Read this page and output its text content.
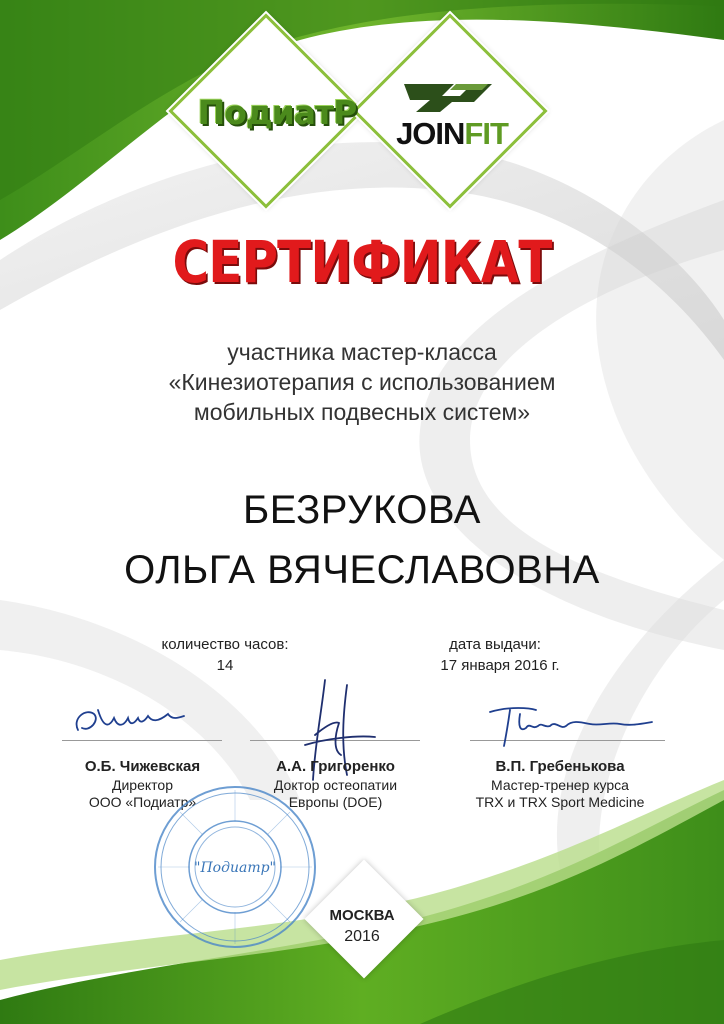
ПодиатР
JOINFIT
СЕРТИФИКАТ
участника мастер-класса
«Кинезиотерапия с использованием
мобильных подвесных систем»
БЕЗРУКОВА
ОЛЬГА ВЯЧЕСЛАВОВНА
количество часов:
14
дата выдачи:
17 января 2016 г.
О.Б. Чижевская
Директор
ООО «Подиатр»
А.А. Григоренко
Доктор остеопатии
Европы (DOE)
В.П. Гребенькова
Мастер-тренер курса
TRX и TRX Sport Medicine
"Подиатр"
МОСКВА
2016
